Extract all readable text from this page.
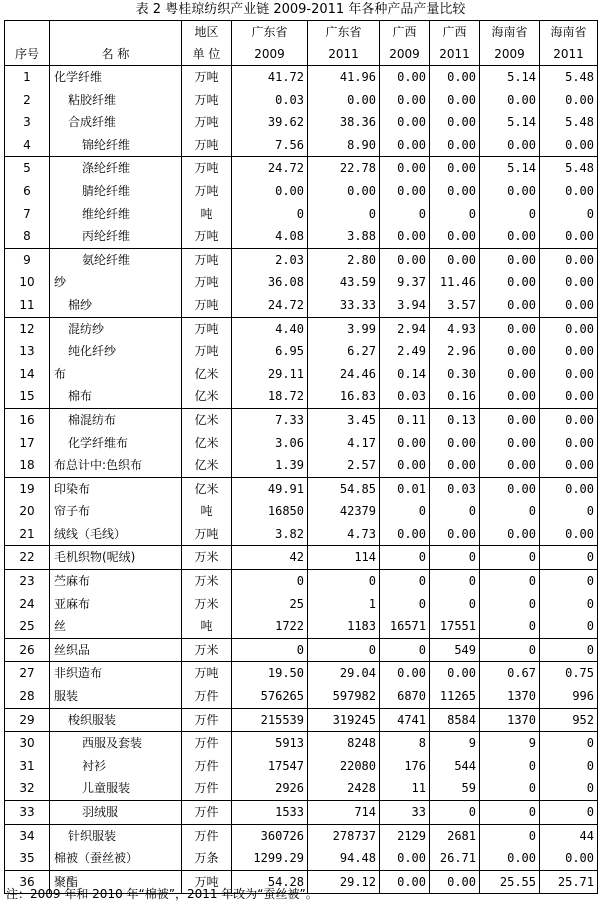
表 2 粤桂琼纺织产业链 2009-2011 年各种产品产量比较
		地区	广东省	广东省	广西	广西	海南省	海南省
序号	名 称	单 位	2009	2011	2009	2011	2009	2011
1	化学纤维	万吨	41.72	41.96	0.00	0.00	5.14	5.48
2	粘胶纤维	万吨	0.03	0.00	0.00	0.00	0.00	0.00
3	合成纤维	万吨	39.62	38.36	0.00	0.00	5.14	5.48
4	锦纶纤维	万吨	7.56	8.90	0.00	0.00	0.00	0.00
5	涤纶纤维	万吨	24.72	22.78	0.00	0.00	5.14	5.48
6	腈纶纤维	万吨	0.00	0.00	0.00	0.00	0.00	0.00
7	维纶纤维	吨	0	0	0	0	0	0
8	丙纶纤维	万吨	4.08	3.88	0.00	0.00	0.00	0.00
9	氨纶纤维	万吨	2.03	2.80	0.00	0.00	0.00	0.00
10	纱	万吨	36.08	43.59	9.37	11.46	0.00	0.00
11	棉纱	万吨	24.72	33.33	3.94	3.57	0.00	0.00
12	混纺纱	万吨	4.40	3.99	2.94	4.93	0.00	0.00
13	纯化纤纱	万吨	6.95	6.27	2.49	2.96	0.00	0.00
14	布	亿米	29.11	24.46	0.14	0.30	0.00	0.00
15	棉布	亿米	18.72	16.83	0.03	0.16	0.00	0.00
16	棉混纺布	亿米	7.33	3.45	0.11	0.13	0.00	0.00
17	化学纤维布	亿米	3.06	4.17	0.00	0.00	0.00	0.00
18	布总计中:色织布	亿米	1.39	2.57	0.00	0.00	0.00	0.00
19	印染布	亿米	49.91	54.85	0.01	0.03	0.00	0.00
20	帘子布	吨	16850	42379	0	0	0	0
21	绒线（毛线）	万吨	3.82	4.73	0.00	0.00	0.00	0.00
22	毛机织物(呢绒)	万米	42	114	0	0	0	0
23	苎麻布	万米	0	0	0	0	0	0
24	亚麻布	万米	25	1	0	0	0	0
25	丝	吨	1722	1183	16571	17551	0	0
26	丝织品	万米	0	0	0	549	0	0
27	非织造布	万吨	19.50	29.04	0.00	0.00	0.67	0.75
28	服装	万件	576265	597982	6870	11265	1370	996
29	梭织服装	万件	215539	319245	4741	8584	1370	952
30	西服及套装	万件	5913	8248	8	9	9	0
31	衬衫	万件	17547	22080	176	544	0	0
32	儿童服装	万件	2926	2428	11	59	0	0
33	羽绒服	万件	1533	714	33	0	0	0
34	针织服装	万件	360726	278737	2129	2681	0	44
35	棉被（蚕丝被）	万条	1299.29	94.48	0.00	26.71	0.00	0.00
36	聚酯	万吨	54.28	29.12	0.00	0.00	25.55	25.71
注：2009 年和 2010 年“棉被”，2011 年改为“蚕丝被”。
